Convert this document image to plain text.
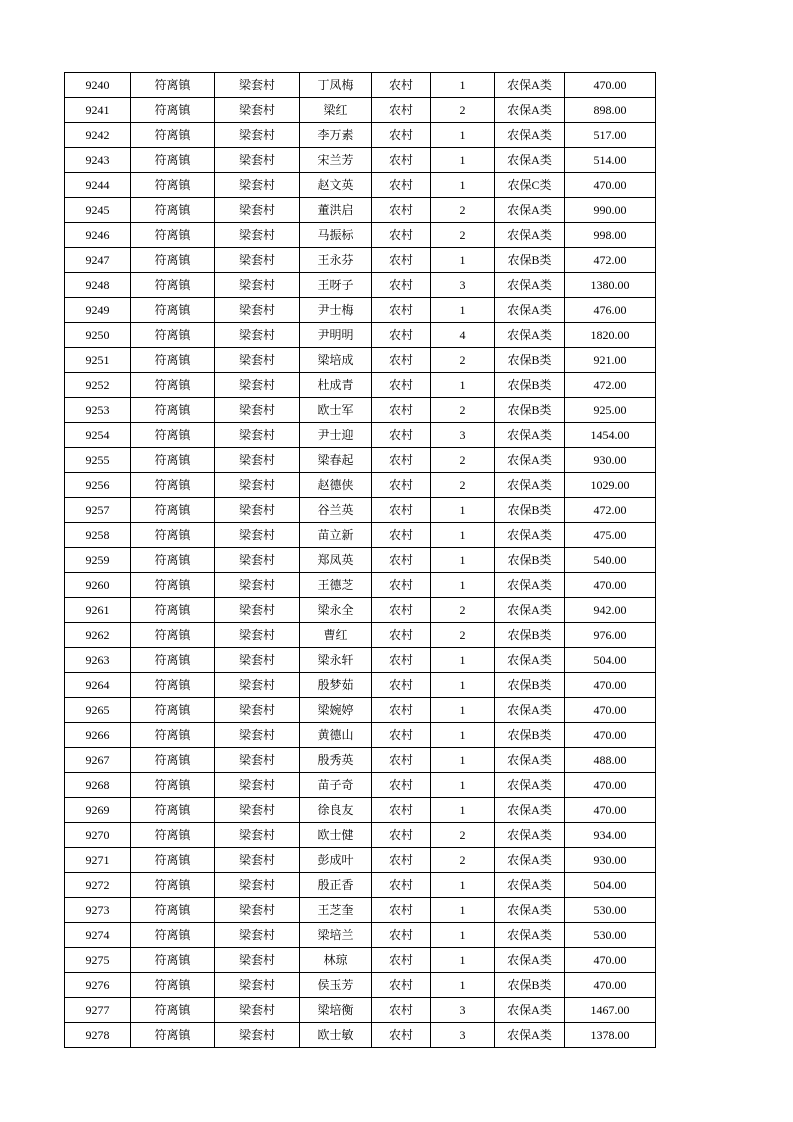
9240	符离镇	梁套村	丁凤梅	农村	1	农保A类	470.00
9241	符离镇	梁套村	梁红	农村	2	农保A类	898.00
9242	符离镇	梁套村	李万素	农村	1	农保A类	517.00
9243	符离镇	梁套村	宋兰芳	农村	1	农保A类	514.00
9244	符离镇	梁套村	赵文英	农村	1	农保C类	470.00
9245	符离镇	梁套村	董洪启	农村	2	农保A类	990.00
9246	符离镇	梁套村	马振标	农村	2	农保A类	998.00
9247	符离镇	梁套村	王永芬	农村	1	农保B类	472.00
9248	符离镇	梁套村	王呀子	农村	3	农保A类	1380.00
9249	符离镇	梁套村	尹士梅	农村	1	农保A类	476.00
9250	符离镇	梁套村	尹明明	农村	4	农保A类	1820.00
9251	符离镇	梁套村	梁培成	农村	2	农保B类	921.00
9252	符离镇	梁套村	杜成青	农村	1	农保B类	472.00
9253	符离镇	梁套村	欧士军	农村	2	农保B类	925.00
9254	符离镇	梁套村	尹士迎	农村	3	农保A类	1454.00
9255	符离镇	梁套村	梁春起	农村	2	农保A类	930.00
9256	符离镇	梁套村	赵德侠	农村	2	农保A类	1029.00
9257	符离镇	梁套村	谷兰英	农村	1	农保B类	472.00
9258	符离镇	梁套村	苗立新	农村	1	农保A类	475.00
9259	符离镇	梁套村	郑凤英	农村	1	农保B类	540.00
9260	符离镇	梁套村	王德芝	农村	1	农保A类	470.00
9261	符离镇	梁套村	梁永全	农村	2	农保A类	942.00
9262	符离镇	梁套村	曹红	农村	2	农保B类	976.00
9263	符离镇	梁套村	梁永轩	农村	1	农保A类	504.00
9264	符离镇	梁套村	殷梦茹	农村	1	农保B类	470.00
9265	符离镇	梁套村	梁婉婷	农村	1	农保A类	470.00
9266	符离镇	梁套村	黄德山	农村	1	农保B类	470.00
9267	符离镇	梁套村	殷秀英	农村	1	农保A类	488.00
9268	符离镇	梁套村	苗子奇	农村	1	农保A类	470.00
9269	符离镇	梁套村	徐良友	农村	1	农保A类	470.00
9270	符离镇	梁套村	欧士健	农村	2	农保A类	934.00
9271	符离镇	梁套村	彭成叶	农村	2	农保A类	930.00
9272	符离镇	梁套村	殷正香	农村	1	农保A类	504.00
9273	符离镇	梁套村	王芝奎	农村	1	农保A类	530.00
9274	符离镇	梁套村	梁培兰	农村	1	农保A类	530.00
9275	符离镇	梁套村	林琼	农村	1	农保A类	470.00
9276	符离镇	梁套村	侯玉芳	农村	1	农保B类	470.00
9277	符离镇	梁套村	梁培衡	农村	3	农保A类	1467.00
9278	符离镇	梁套村	欧士敏	农村	3	农保A类	1378.00
